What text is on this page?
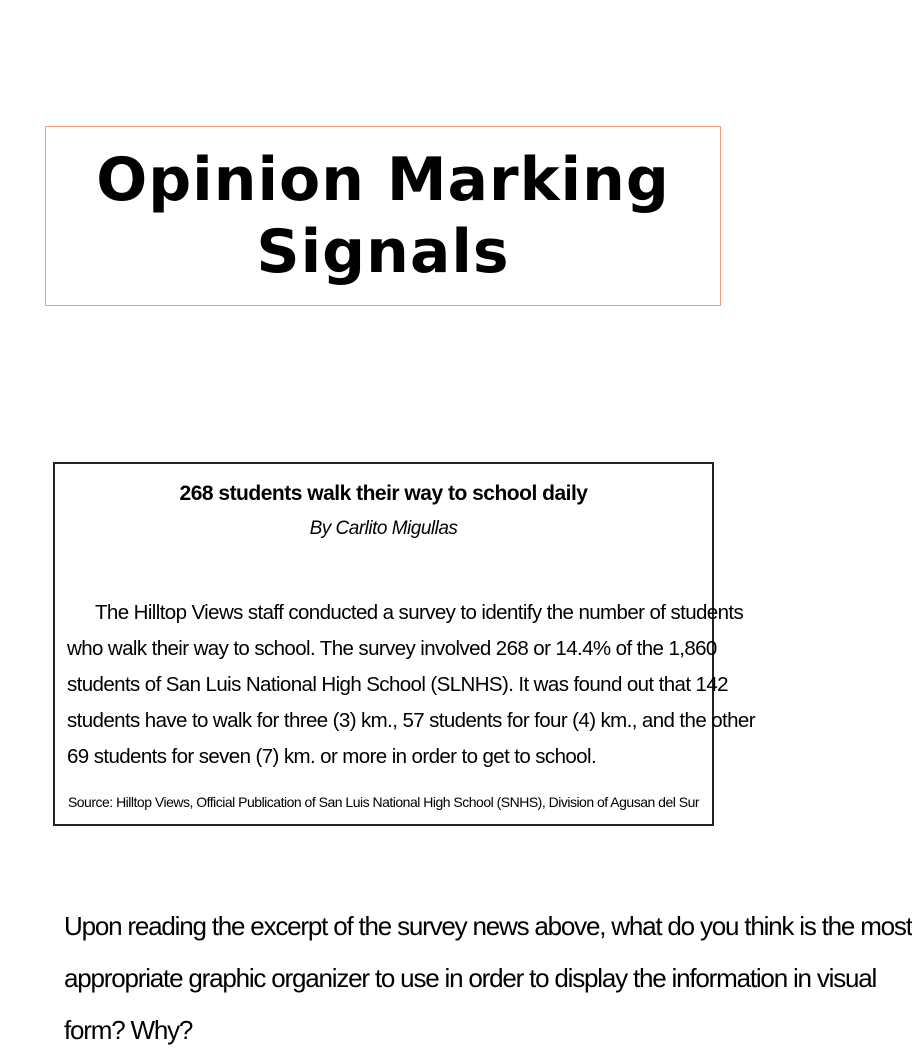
Opinion Marking
Signals
268 students walk their way to school daily
By Carlito Migullas

The Hilltop Views staff conducted a survey to identify the number of students
who walk their way to school. The survey involved 268 or 14.4% of the 1,860
students of San Luis National High School (SLNHS). It was found out that 142
students have to walk for three (3) km., 57 students for four (4) km., and the other
69 students for seven (7) km. or more in order to get to school.

Source: Hilltop Views, Official Publication of San Luis National High School (SNHS), Division of Agusan del Sur

Upon reading the excerpt of the survey news above, what do you think is the most
appropriate graphic organizer to use in order to display the information in visual
form? Why?
